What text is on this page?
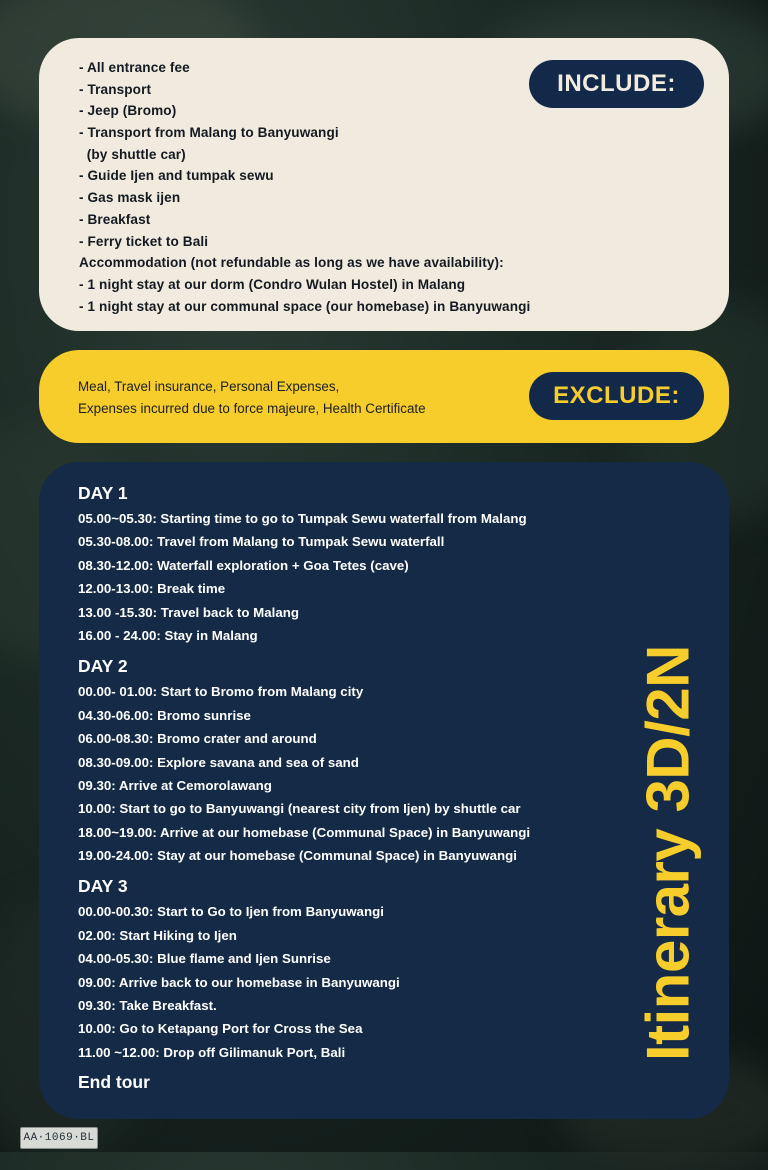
AA·1069·BL
- All entrance fee
- Transport
- Jeep (Bromo)
- Transport from Malang to Banyuwangi
(by shuttle car)
- Guide Ijen and tumpak sewu
- Gas mask ijen
- Breakfast
- Ferry ticket to Bali
Accommodation (not refundable as long as we have availability):
- 1 night stay at our dorm (Condro Wulan Hostel) in Malang
- 1 night stay at our communal space (our homebase) in Banyuwangi
INCLUDE:
Meal, Travel insurance, Personal Expenses,
Expenses incurred due to force majeure, Health Certificate	EXCLUDE:
DAY 1
05.00~05.30: Starting time to go to Tumpak Sewu waterfall from Malang
05.30-08.00: Travel from Malang to Tumpak Sewu waterfall
08.30-12.00: Waterfall exploration + Goa Tetes (cave)
12.00-13.00: Break time
13.00 -15.30: Travel back to Malang
16.00 - 24.00: Stay in Malang
DAY 2
00.00- 01.00: Start to Bromo from Malang city
04.30-06.00: Bromo sunrise
06.00-08.30: Bromo crater and around
08.30-09.00: Explore savana and sea of sand
09.30: Arrive at Cemorolawang
10.00: Start to go to Banyuwangi (nearest city from Ijen) by shuttle car
18.00~19.00: Arrive at our homebase (Communal Space) in Banyuwangi
19.00-24.00: Stay at our homebase (Communal Space) in Banyuwangi
DAY 3
00.00-00.30: Start to Go to Ijen from Banyuwangi
02.00: Start Hiking to Ijen
04.00-05.30: Blue flame and Ijen Sunrise
09.00: Arrive back to our homebase in Banyuwangi
09.30: Take Breakfast.
10.00: Go to Ketapang Port for Cross the Sea
11.00 ~12.00: Drop off Gilimanuk Port, Bali
End tour
Itinerary 3D/2N
